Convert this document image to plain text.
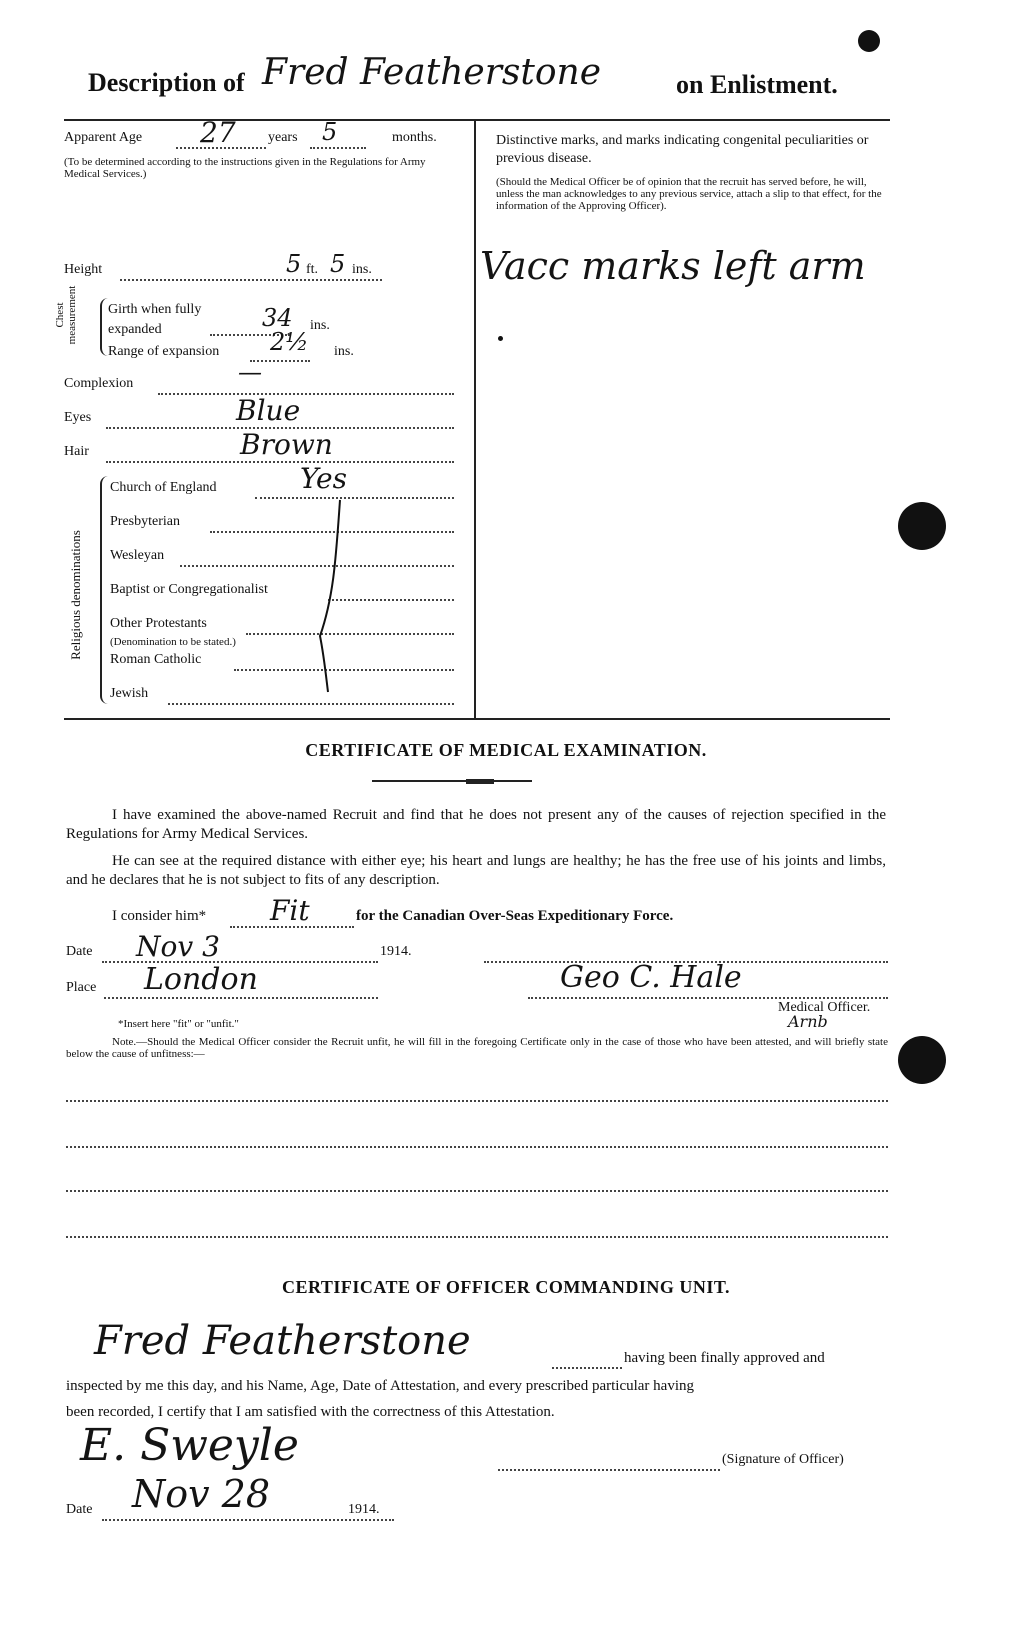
Description of Fred Featherstone	on Enlistment.
Apparent Age 27 years 5	months.
(To be determined according to the instructions given in the Regulations for Army Medical Services.)
Height	5 ft. 5 ins.
Chest measurement Girth when fully expanded	34 ins.
Range of expansion 2½ ins.
Complexion	—
Eyes	Blue
Hair	Brown
Religious denominations
Church of England	Yes
Presbyterian
Wesleyan
Baptist or Congregationalist
Other Protestants
(Denomination to be stated.)
Roman Catholic
Jewish
Distinctive marks, and marks indicating congenital peculiarities or previous disease.
(Should the Medical Officer be of opinion that the recruit has served before, he will, unless the man acknowledges to any previous service, attach a slip to that effect, for the information of the Approving Officer).
Vacc marks left arm
CERTIFICATE OF MEDICAL EXAMINATION.
I have examined the above-named Recruit and find that he does not present any of the causes of rejection specified in the Regulations for Army Medical Services.
He can see at the required distance with either eye; his heart and lungs are healthy; he has the free use of his joints and limbs, and he declares that he is not subject to fits of any description.
I consider him* Fit	for the Canadian Over-Seas Expeditionary Force.
Date Nov 3	1914.
Place London	Geo C. Hale
Arnb
Medical Officer.
*Insert here "fit" or "unfit."
Note.—Should the Medical Officer consider the Recruit unfit, he will fill in the foregoing Certificate only in the case of those who have been attested, and will briefly state below the cause of unfitness:—
CERTIFICATE OF OFFICER COMMANDING UNIT.
Fred Featherstone	having been finally approved and
inspected by me this day, and his Name, Age, Date of Attestation, and every prescribed particular having
been recorded, I certify that I am satisfied with the correctness of this Attestation.
E. Sweyle	(Signature of Officer)
Date Nov 28	1914.
